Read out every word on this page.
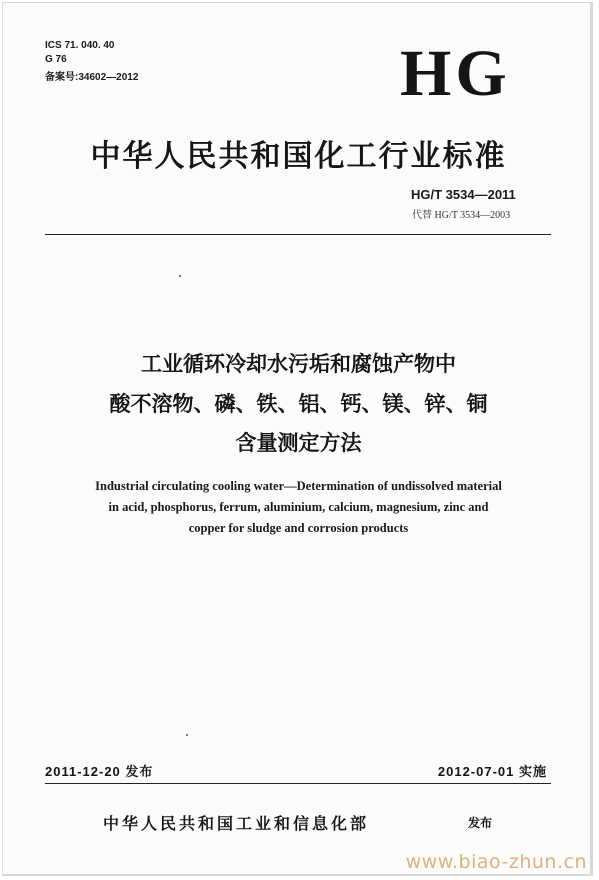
ICS 71. 040. 40
G 76
备案号:34602—2012	HG
中华人民共和国化工行业标准
HG/T 3534—2011
代替 HG/T 3534—2003
工业循环冷却水污垢和腐蚀产物中
酸不溶物、磷、铁、铝、钙、镁、锌、铜
含量测定方法
Industrial circulating cooling water—Determination of undissolved material
in acid, phosphorus, ferrum, aluminium, calcium, magnesium, zinc and
copper for sludge and corrosion products
2011-12-20 发布	2012-07-01 实施
中华人民共和国工业和信息化部	发布
www.biao-zhun.cn
